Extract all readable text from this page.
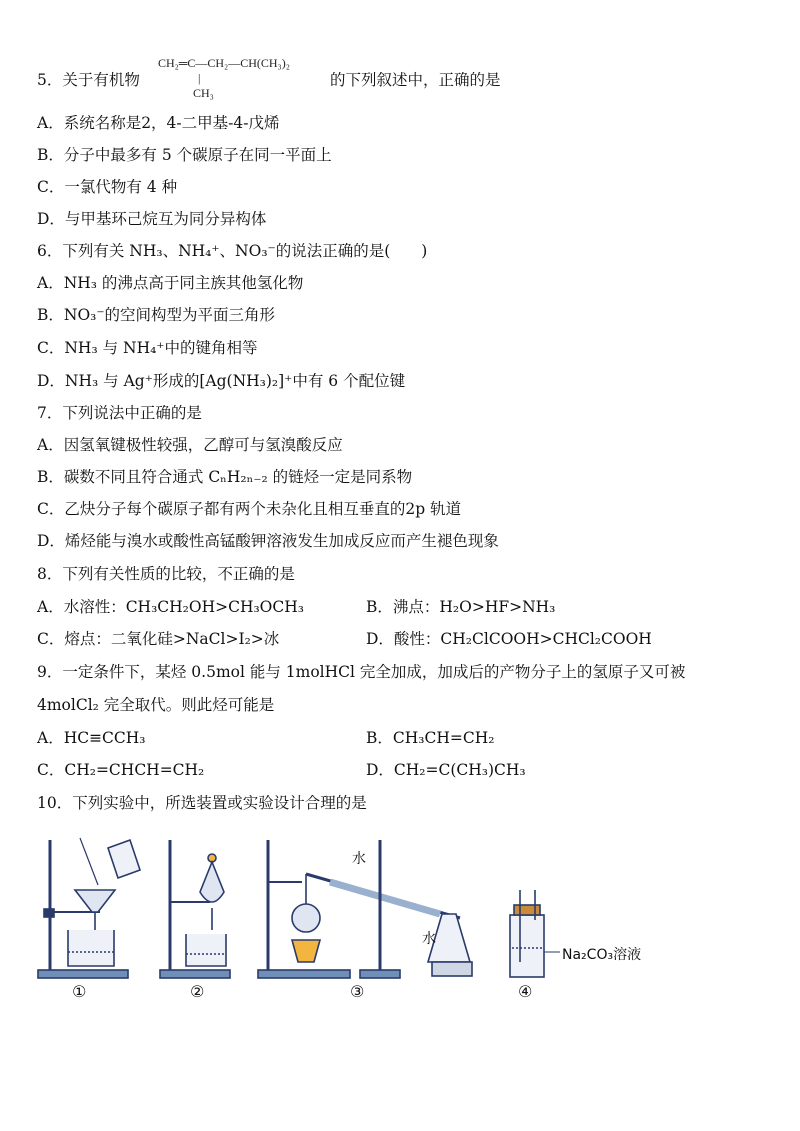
5．关于有机物
CH₂═C—CH₂—CH(CH₃)₂
|
CH₃
的下列叙述中，正确的是
A．系统名称是2，4-二甲基-4-戊烯
B．分子中最多有 5 个碳原子在同一平面上
C．一氯代物有 4 种
D．与甲基环己烷互为同分异构体
6．下列有关 NH₃、NH₄⁺、NO₃⁻的说法正确的是(　　)
A．NH₃ 的沸点高于同主族其他氢化物
B．NO₃⁻的空间构型为平面三角形
C．NH₃ 与 NH₄⁺中的键角相等
D．NH₃ 与 Ag⁺形成的[Ag(NH₃)₂]⁺中有 6 个配位键
7．下列说法中正确的是
A．因氢氧键极性较强，乙醇可与氢溴酸反应
B．碳数不同且符合通式 CₙH₂ₙ₋₂ 的链烃一定是同系物
C．乙炔分子每个碳原子都有两个未杂化且相互垂直的2p 轨道
D．烯烃能与溴水或酸性高锰酸钾溶液发生加成反应而产生褪色现象
8．下列有关性质的比较，不正确的是
A．水溶性：CH₃CH₂OH>CH₃OCH₃	B．沸点：H₂O>HF>NH₃
C．熔点：二氧化硅>NaCl>I₂>冰	D．酸性：CH₂ClCOOH>CHCl₂COOH
9．一定条件下，某烃 0.5mol 能与 1molHCl 完全加成，加成后的产物分子上的氢原子又可被
4molCl₂ 完全取代。则此烃可能是
A．HC≡CCH₃	B．CH₃CH=CH₂
C．CH₂=CHCH=CH₂	D．CH₂=C(CH₃)CH₃
10．下列实验中，所选装置或实验设计合理的是
水
水
Na₂CO₃溶液
①	②	③	④
